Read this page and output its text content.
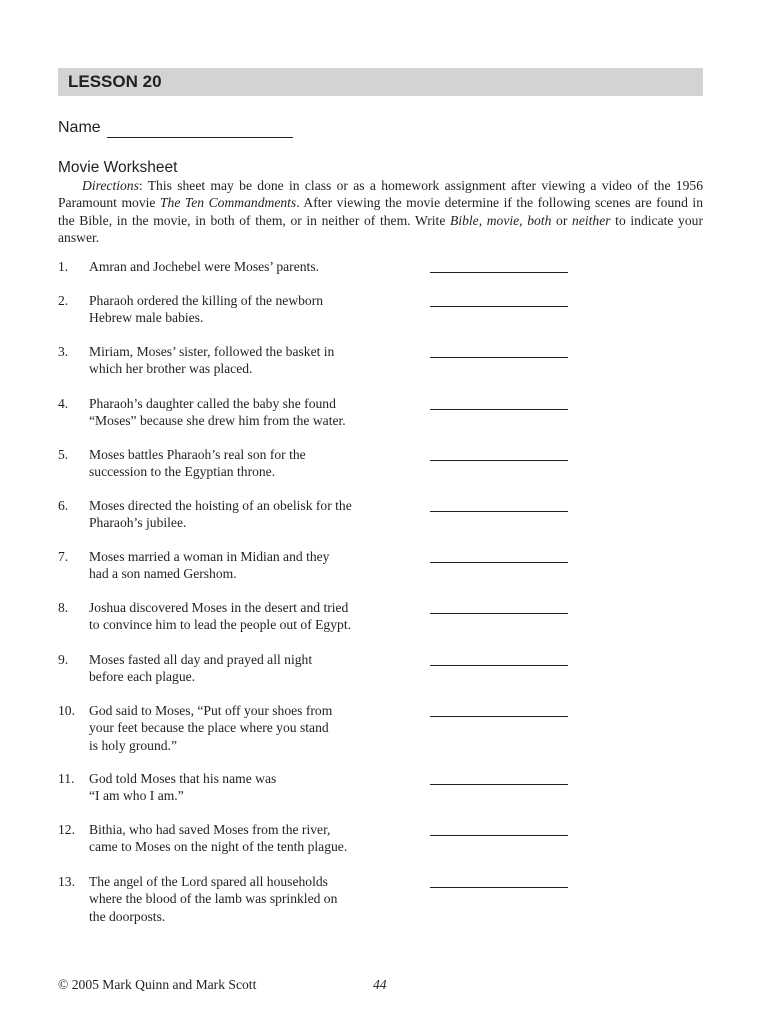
LESSON 20
Name
Movie Worksheet
Directions: This sheet may be done in class or as a homework assignment after viewing a video of the 1956 Paramount movie The Ten Commandments. After viewing the movie determine if the following scenes are found in the Bible, in the movie, in both of them, or in neither of them. Write Bible, movie, both or neither to indicate your answer.
1.	Amran and Jochebel were Moses’ parents.
2.	Pharaoh ordered the killing of the newborn
Hebrew male babies.
3.	Miriam, Moses’ sister, followed the basket in
which her brother was placed.
4.	Pharaoh’s daughter called the baby she found
“Moses” because she drew him from the water.
5.	Moses battles Pharaoh’s real son for the
succession to the Egyptian throne.
6.	Moses directed the hoisting of an obelisk for the
Pharaoh’s jubilee.
7.	Moses married a woman in Midian and they
had a son named Gershom.
8.	Joshua discovered Moses in the desert and tried
to convince him to lead the people out of Egypt.
9.	Moses fasted all day and prayed all night
before each plague.
10.	God said to Moses, “Put off your shoes from
your feet because the place where you stand
is holy ground.”
11.	God told Moses that his name was
“I am who I am.”
12.	Bithia, who had saved Moses from the river,
came to Moses on the night of the tenth plague.
13.	The angel of the Lord spared all households
where the blood of the lamb was sprinkled on
the doorposts.
© 2005 Mark Quinn and Mark Scott	44
